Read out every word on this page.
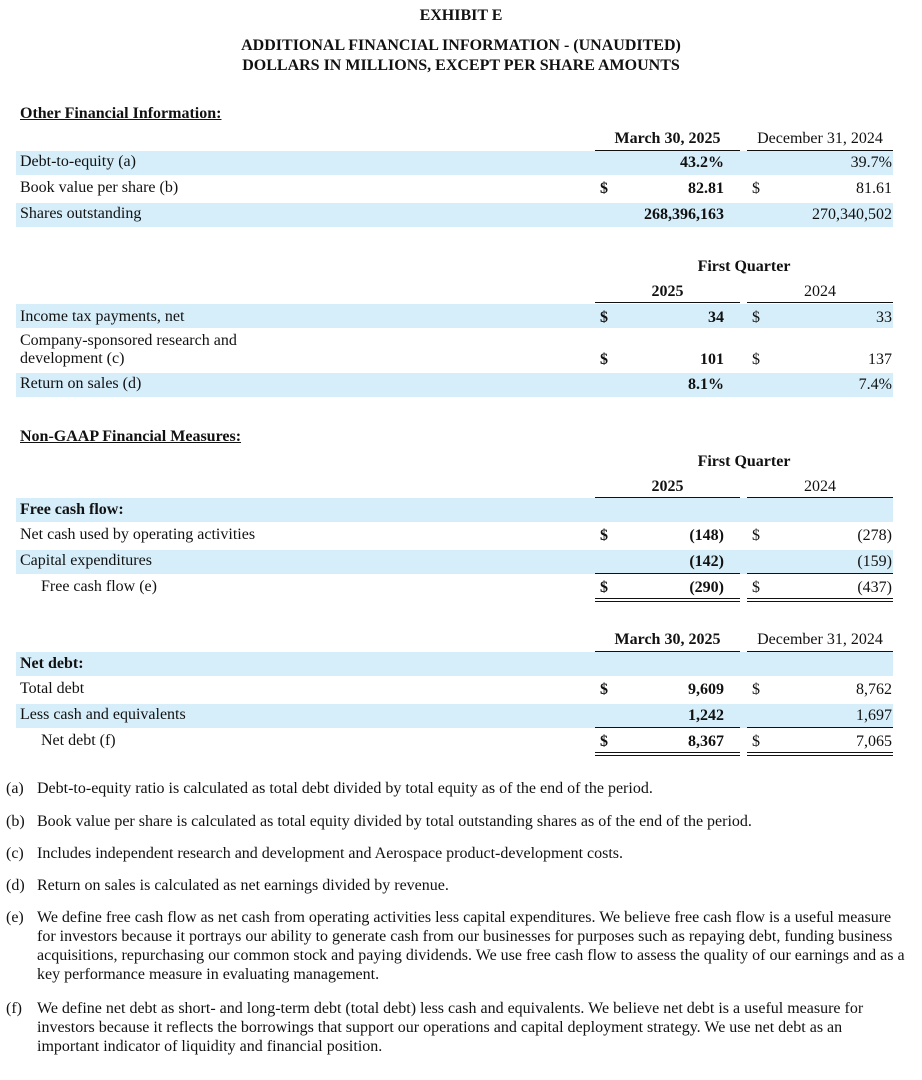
EXHIBIT E
ADDITIONAL FINANCIAL INFORMATION - (UNAUDITED)
DOLLARS IN MILLIONS, EXCEPT PER SHARE AMOUNTS
Other Financial Information:
March 30, 2025	December 31, 2024
Debt-to-equity (a)	43.2%	39.7%
Book value per share (b)	$	82.81	$	81.61
Shares outstanding	268,396,163	270,340,502
First Quarter
2025	2024
Income tax payments, net	$	34	$	33
Company-sponsored research and
development (c)	$	101	$	137
Return on sales (d)	8.1%	7.4%
Non-GAAP Financial Measures:
First Quarter
2025	2024
Free cash flow:
Net cash used by operating activities	$	(148)	$	(278)
Capital expenditures	(142)	(159)
Free cash flow (e)	$	(290)	$	(437)
March 30, 2025	December 31, 2024
Net debt:
Total debt	$	9,609	$	8,762
Less cash and equivalents	1,242	1,697
Net debt (f)	$	8,367	$	7,065
(a) Debt-to-equity ratio is calculated as total debt divided by total equity as of the end of the period.
(b) Book value per share is calculated as total equity divided by total outstanding shares as of the end of the period.
(c) Includes independent research and development and Aerospace product-development costs.
(d) Return on sales is calculated as net earnings divided by revenue.
(e) We define free cash flow as net cash from operating activities less capital expenditures. We believe free cash flow is a useful measure for investors because it portrays our ability to generate cash from our businesses for purposes such as repaying debt, funding business acquisitions, repurchasing our common stock and paying dividends. We use free cash flow to assess the quality of our earnings and as a key performance measure in evaluating management.
(f) We define net debt as short- and long-term debt (total debt) less cash and equivalents. We believe net debt is a useful measure for investors because it reflects the borrowings that support our operations and capital deployment strategy. We use net debt as an important indicator of liquidity and financial position.
